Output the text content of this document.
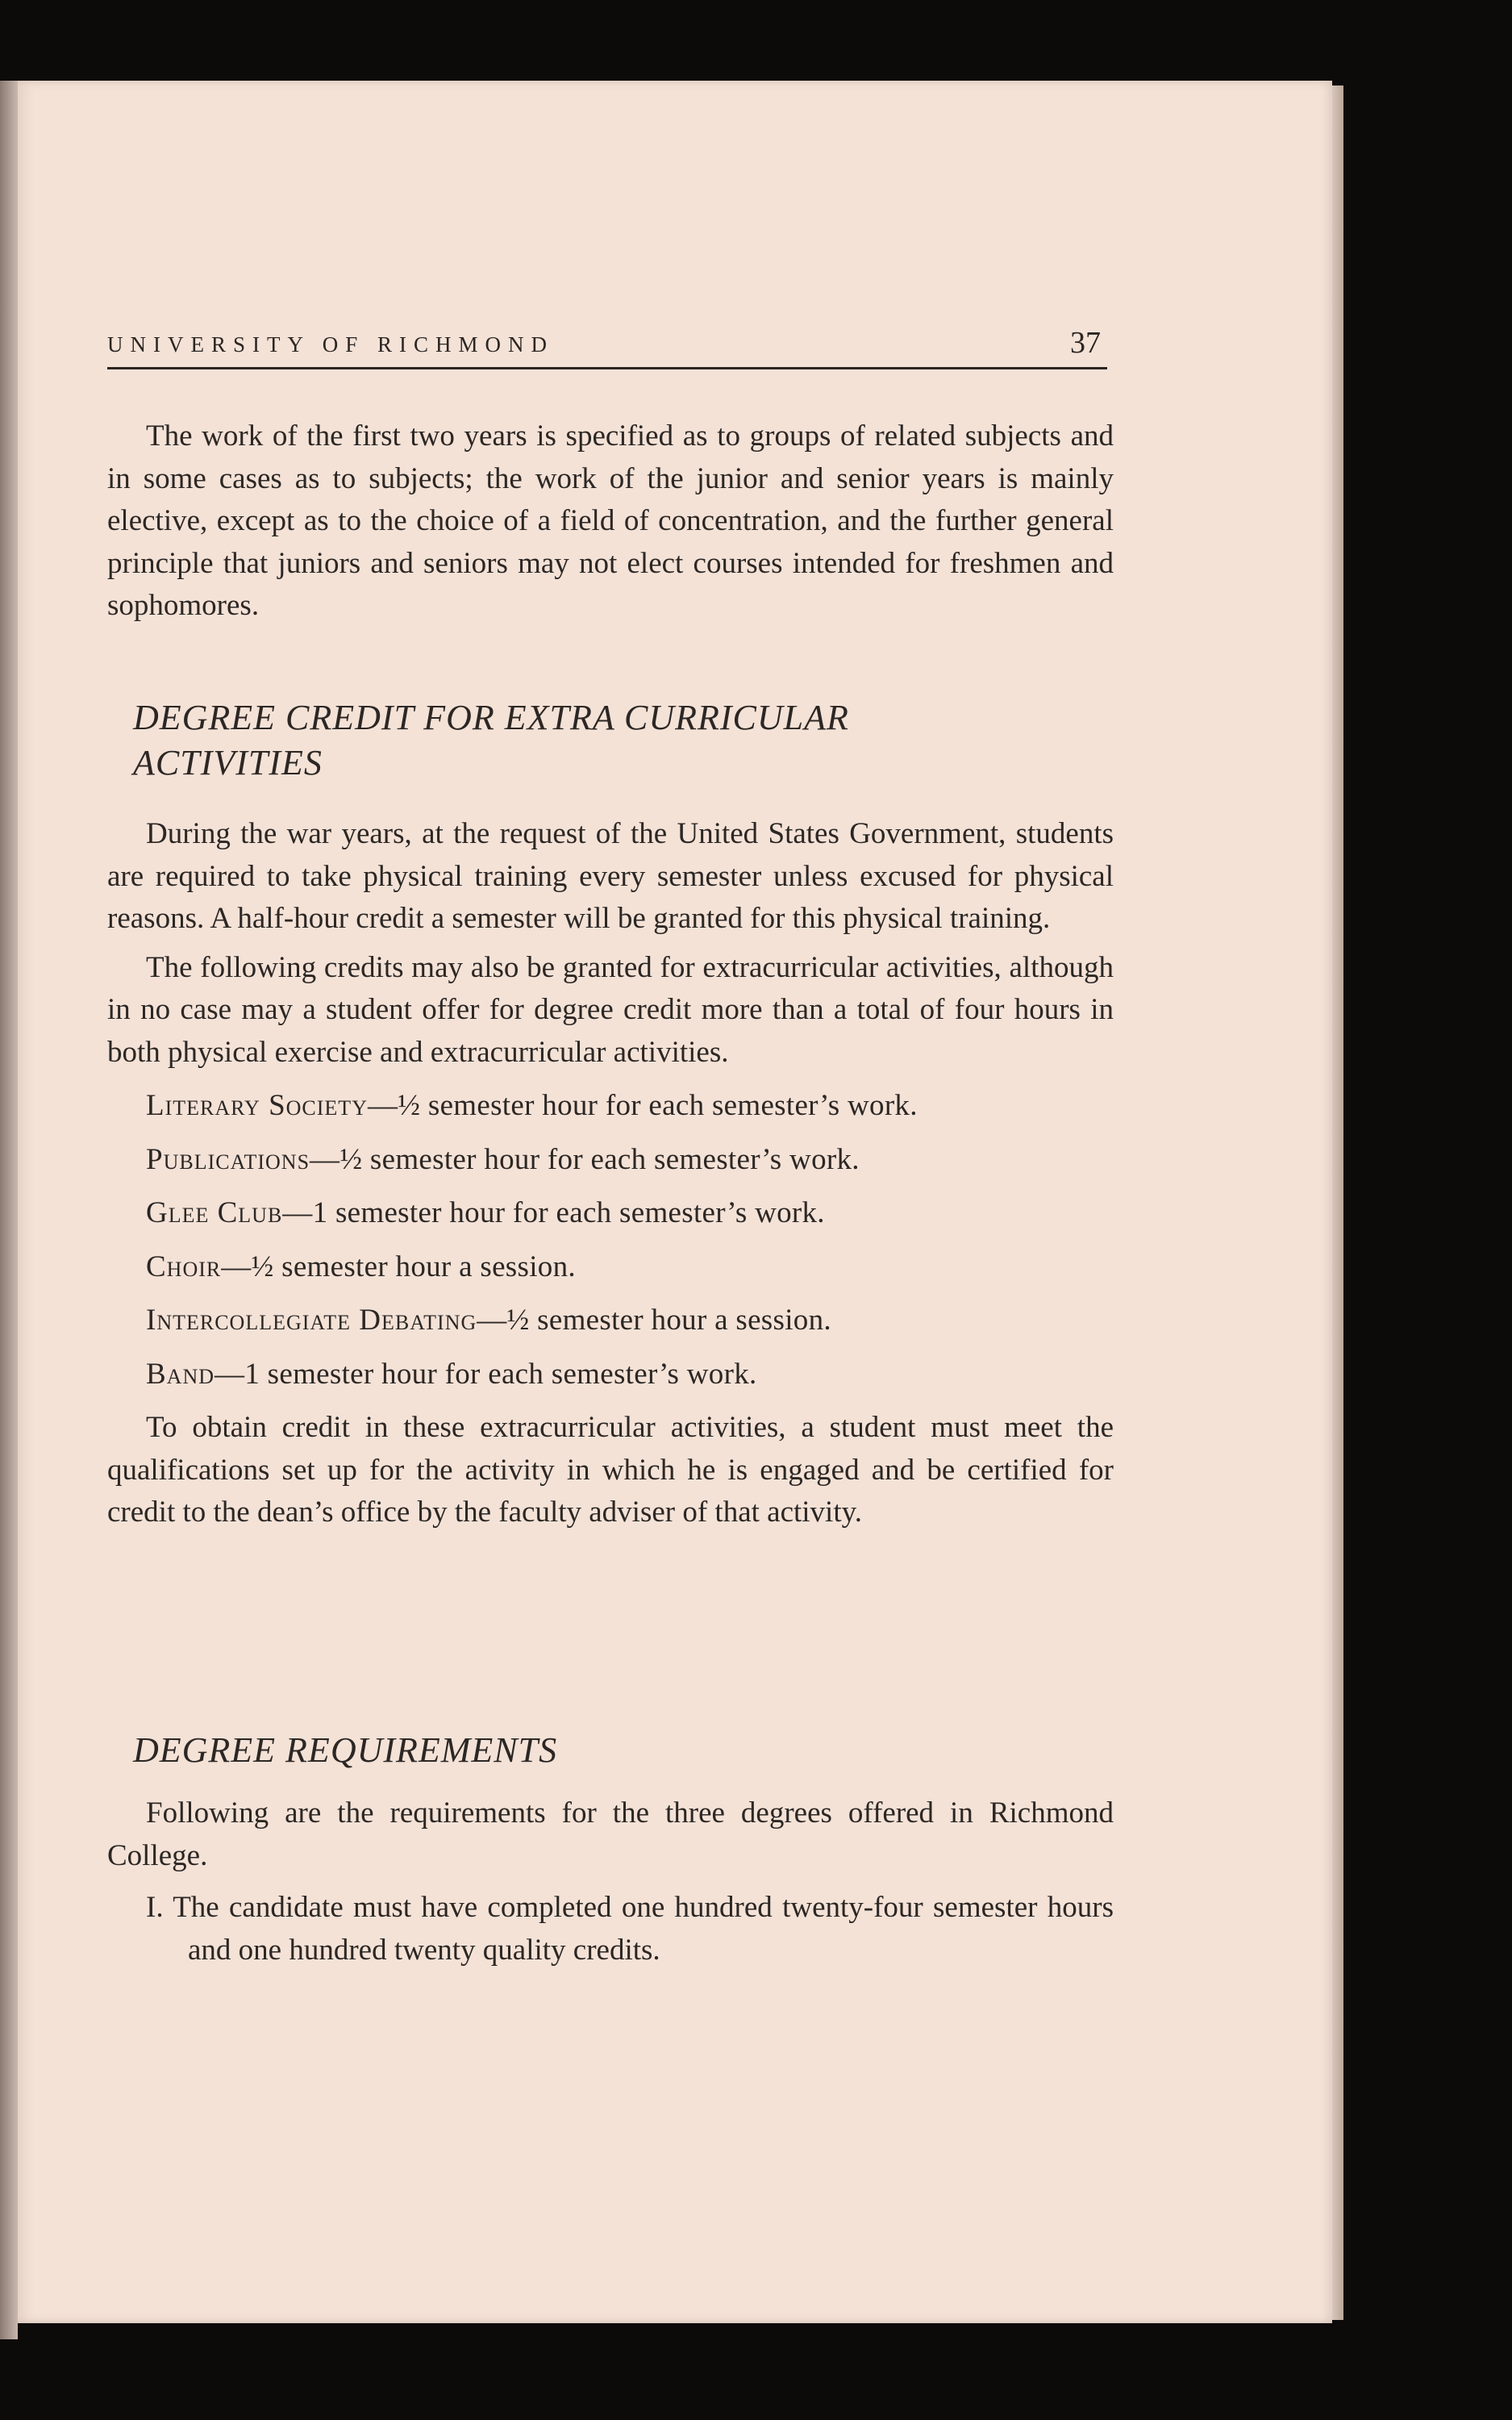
UNIVERSITY OF RICHMOND	37

The work of the first two years is specified as to groups of related subjects and in some cases as to subjects; the work of the junior and senior years is mainly elective, except as to the choice of a field of concentration, and the further general principle that juniors and seniors may not elect courses intended for freshmen and sophomores.

DEGREE CREDIT FOR EXTRA CURRICULAR

ACTIVITIES

During the war years, at the request of the United States Government, students are required to take physical training every semester unless excused for physical reasons. A half-hour credit a semester will be granted for this physical training.

The following credits may also be granted for extracurricular activities, although in no case may a student offer for degree credit more than a total of four hours in both physical exercise and extracurricular activities.

Literary Society—½ semester hour for each semester’s work.

Publications—½ semester hour for each semester’s work.

Glee Club—1 semester hour for each semester’s work.

Choir—½ semester hour a session.

Intercollegiate Debating—½ semester hour a session.

Band—1 semester hour for each semester’s work.

To obtain credit in these extracurricular activities, a student must meet the qualifications set up for the activity in which he is engaged and be certified for credit to the dean’s office by the faculty adviser of that activity.

DEGREE REQUIREMENTS

Following are the requirements for the three degrees offered in Richmond College.

I. The candidate must have completed one hundred twenty-four semester hours and one hundred twenty quality credits.
